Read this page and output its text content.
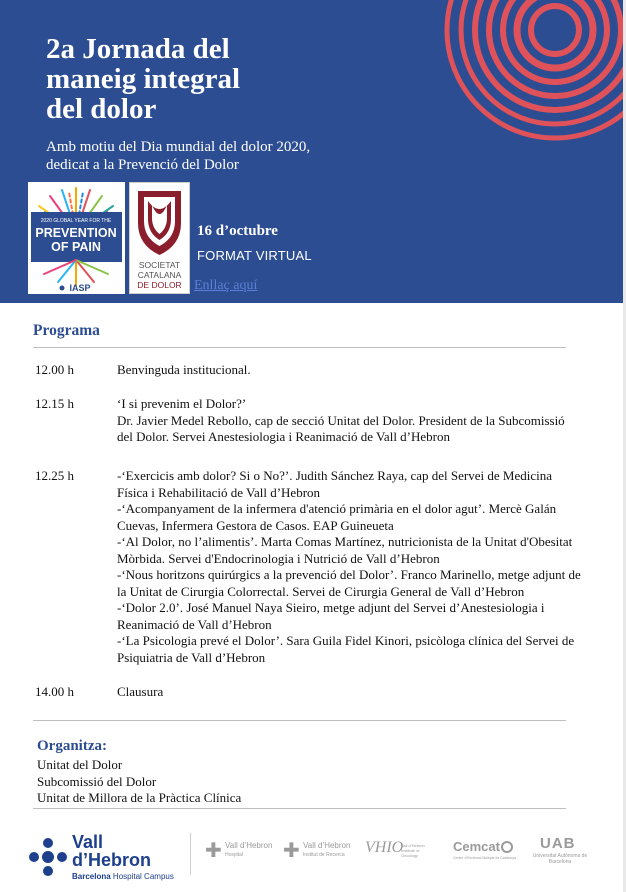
2a Jornada del
maneig integral
del dolor
Amb motiu del Dia mundial del dolor 2020,
dedicat a la Prevenció del Dolor
2020 GLOBAL YEAR FOR THE
PREVENTION
OF PAIN
IASP
SOCIETAT
CATALANA
DE DOLOR
16 d’octubre
FORMAT VIRTUAL
Enllaç aquí
Programa
12.00 h	Benvinguda institucional.
12.15 h	‘I si prevenim el Dolor?’
Dr. Javier Medel Rebollo, cap de secció Unitat del Dolor. President de la Subcomissió
del Dolor. Servei Anestesiologia i Reanimació de Vall d’Hebron
12.25 h	-‘Exercicis amb dolor? Si o No?’. Judith Sánchez Raya, cap del Servei de Medicina
Física i Rehabilitació de Vall d’Hebron
-‘Acompanyament de la infermera d'atenció primària en el dolor agut’. Mercè Galán
Cuevas, Infermera Gestora de Casos. EAP Guineueta
-‘Al Dolor, no l’alimentis’. Marta Comas Martínez, nutricionista de la Unitat d'Obesitat
Mòrbida. Servei d'Endocrinologia i Nutrició de Vall d’Hebron
-‘Nous horitzons quirúrgics a la prevenció del Dolor’. Franco Marinello, metge adjunt de
la Unitat de Cirurgia Colorrectal. Servei de Cirurgia General de Vall d’Hebron
-‘Dolor 2.0’. José Manuel Naya Sieiro, metge adjunt del Servei d’Anestesiologia i
Reanimació de Vall d’Hebron
-‘La Psicologia prevé el Dolor’. Sara Guila Fidel Kinori, psicòloga clínica del Servei de
Psiquiatria de Vall d’Hebron
14.00 h	Clausura
Organitza:
Unitat del Dolor
Subcomissió del Dolor
Unitat de Millora de la Pràctica Clínica
Vall
d’Hebron
Barcelona Hospital Campus
✚ Vall d’Hebron
Hospital ✚ Vall d’Hebron
Institut de Recerca VHIO
Vall d’Hebron Institute of Oncology
Cemcat
Centre d’Esclerosi Múltiple de Catalunya
UAB
Universitat Autònoma de Barcelona
